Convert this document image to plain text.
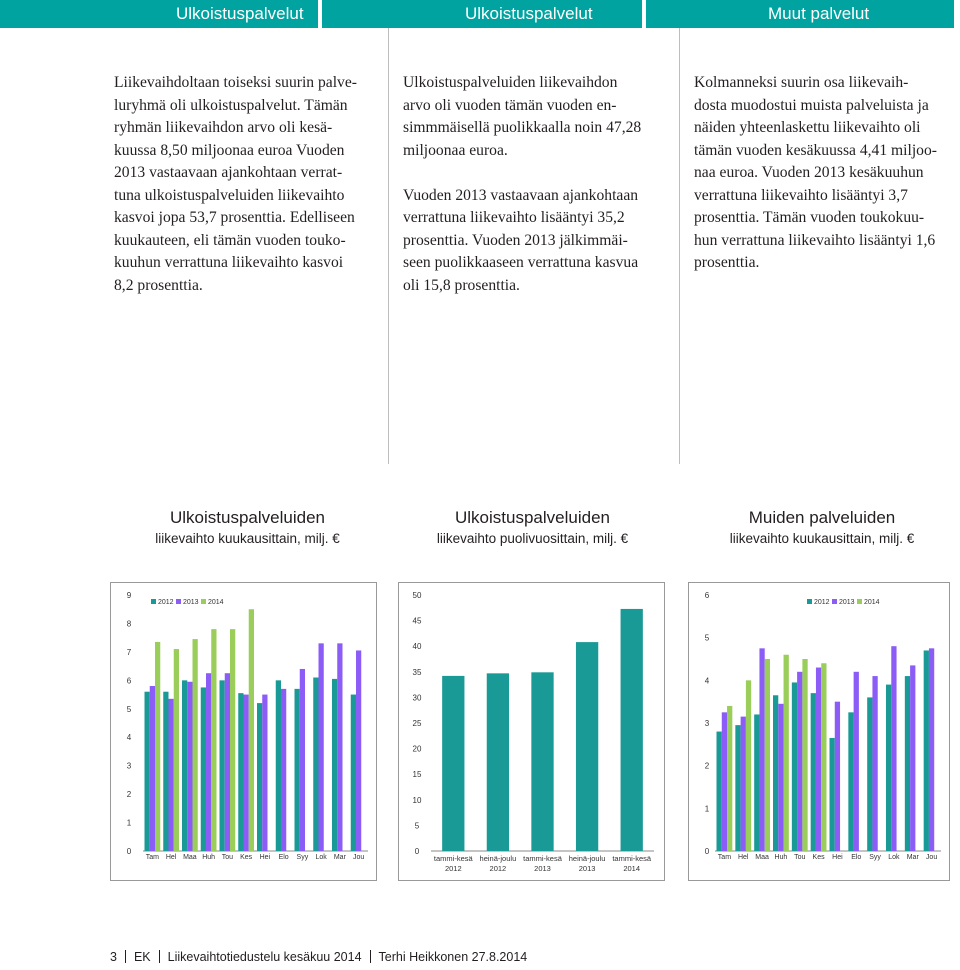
Ulkoistuspalvelut	Ulkoistuspalvelut	Muut palvelut
Liikevaihdoltaan toiseksi suurin palve-
luryhmä oli ulkoistuspalvelut. Tämän
ryhmän liikevaihdon arvo oli kesä-
kuussa 8,50 miljoonaa euroa Vuoden
2013 vastaavaan ajankohtaan verrat-
tuna ulkoistuspalveluiden liikevaihto
kasvoi jopa 53,7 prosenttia. Edelliseen
kuukauteen, eli tämän vuoden touko-
kuuhun verrattuna liikevaihto kasvoi
8,2 prosenttia.
Ulkoistuspalveluiden liikevaihdon
arvo oli vuoden tämän vuoden en-
simmmäisellä puolikkaalla noin 47,28
miljoonaa euroa.

Vuoden 2013 vastaavaan ajankohtaan
verrattuna liikevaihto lisääntyi 35,2
prosenttia. Vuoden 2013 jälkimmäi-
seen puolikkaaseen verrattuna kasvua
oli 15,8 prosenttia.
Kolmanneksi suurin osa liikevaih-
dosta muodostui muista palveluista ja
näiden yhteenlaskettu liikevaihto oli
tämän vuoden kesäkuussa 4,41 miljoo-
naa euroa. Vuoden 2013 kesäkuuhun
verrattuna liikevaihto lisääntyi 3,7
prosenttia. Tämän vuoden toukokuu-
hun verrattuna liikevaihto lisääntyi 1,6
prosenttia.
Ulkoistuspalveluiden
liikevaihto kuukausittain, milj. €
Ulkoistuspalveluiden
liikevaihto puolivuosittain, milj. €
Muiden palveluiden
liikevaihto kuukausittain, milj. €
0
1
2
3
4
5
6
7
8
9
Tam Hel Maa Huh Tou Kes Hei Elo Syy Lok Mar Jou
2012 2013 2014
0
5
10
15
20
25
30
35
40
45
50
tammi-kesä 2012
heinä-joulu 2012
tammi-kesä 2013
heinä-joulu 2013
tammi-kesä 2014
0
1
2
3
4
5
6
Tam Hel Maa Huh Tou Kes Hei Elo Syy Lok Mar Jou
2012 2013 2014
3 EK Liikevaihtotiedustelu kesäkuu 2014 Terhi Heikkonen 27.8.2014
